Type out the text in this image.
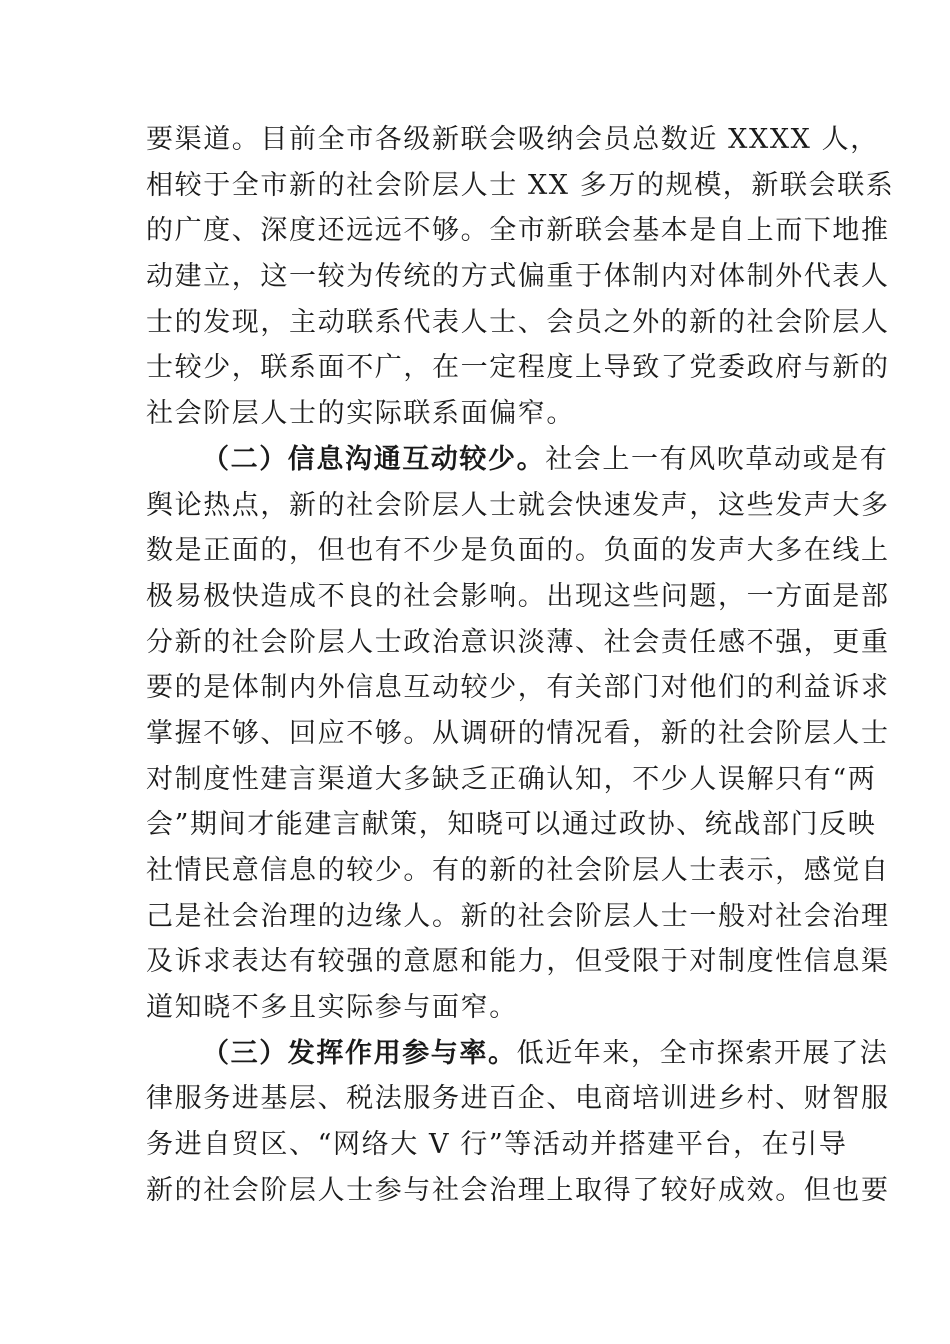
要渠道。目前全市各级新联会吸纳会员总数近 XXXX 人，
相较于全市新的社会阶层人士 XX 多万的规模，新联会联系
的广度、深度还远远不够。全市新联会基本是自上而下地推
动建立，这一较为传统的方式偏重于体制内对体制外代表人
士的发现，主动联系代表人士、会员之外的新的社会阶层人
士较少，联系面不广，在一定程度上导致了党委政府与新的
社会阶层人士的实际联系面偏窄。
（二）信息沟通互动较少。社会上一有风吹草动或是有
舆论热点，新的社会阶层人士就会快速发声，这些发声大多
数是正面的，但也有不少是负面的。负面的发声大多在线上
极易极快造成不良的社会影响。出现这些问题，一方面是部
分新的社会阶层人士政治意识淡薄、社会责任感不强，更重
要的是体制内外信息互动较少，有关部门对他们的利益诉求
掌握不够、回应不够。从调研的情况看，新的社会阶层人士
对制度性建言渠道大多缺乏正确认知，不少人误解只有“两
会”期间才能建言献策，知晓可以通过政协、统战部门反映
社情民意信息的较少。有的新的社会阶层人士表示，感觉自
己是社会治理的边缘人。新的社会阶层人士一般对社会治理
及诉求表达有较强的意愿和能力，但受限于对制度性信息渠
道知晓不多且实际参与面窄。
（三）发挥作用参与率。低近年来，全市探索开展了法
律服务进基层、税法服务进百企、电商培训进乡村、财智服
务进自贸区、“网络大 V 行”等活动并搭建平台，在引导
新的社会阶层人士参与社会治理上取得了较好成效。但也要
